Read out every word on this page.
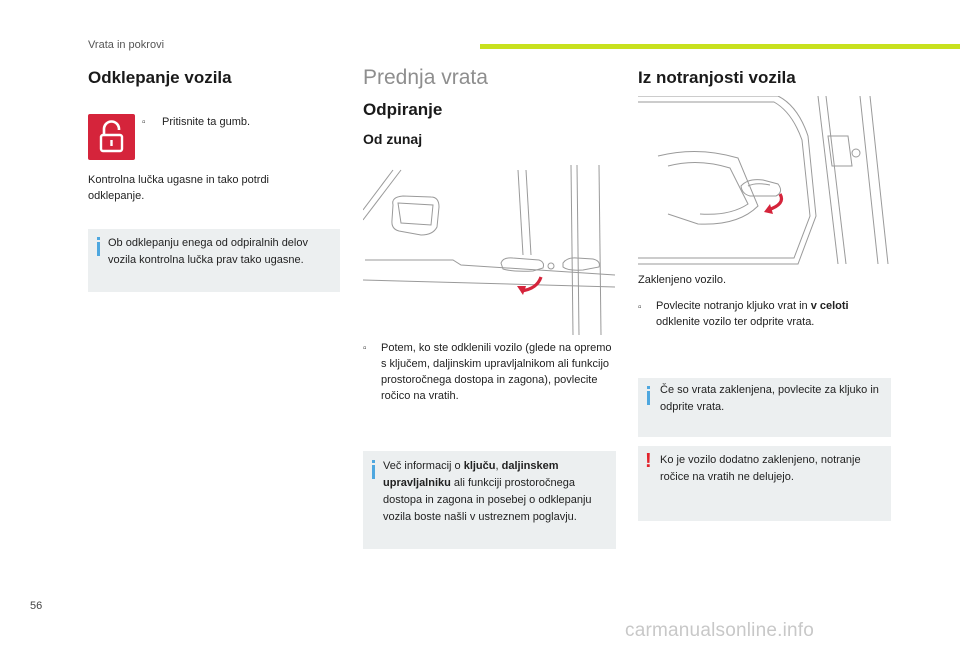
Vrata in pokrovi
Odklepanje vozila
▫ Pritisnite ta gumb.
Kontrolna lučka ugasne in tako potrdi odklepanje.
Ob odklepanju enega od odpiralnih delov vozila kontrolna lučka prav tako ugasne.
Prednja vrata
Odpiranje
Od zunaj
▫ Potem, ko ste odklenili vozilo (glede na opremo s ključem, daljinskim upravljalnikom ali funkcijo prostoročnega dostopa in zagona), povlecite ročico na vratih.
Več informacij o ključu, daljinskem upravljalniku ali funkciji prostoročnega dostopa in zagona in posebej o odklepanju vozila boste našli v ustreznem poglavju.
Iz notranjosti vozila
Zaklenjeno vozilo.
▫ Povlecite notranjo kljuko vrat in v celoti odklenite vozilo ter odprite vrata.
Če so vrata zaklenjena, povlecite za kljuko in odprite vrata.
! Ko je vozilo dodatno zaklenjeno, notranje ročice na vratih ne delujejo.
56
carmanualsonline.info
